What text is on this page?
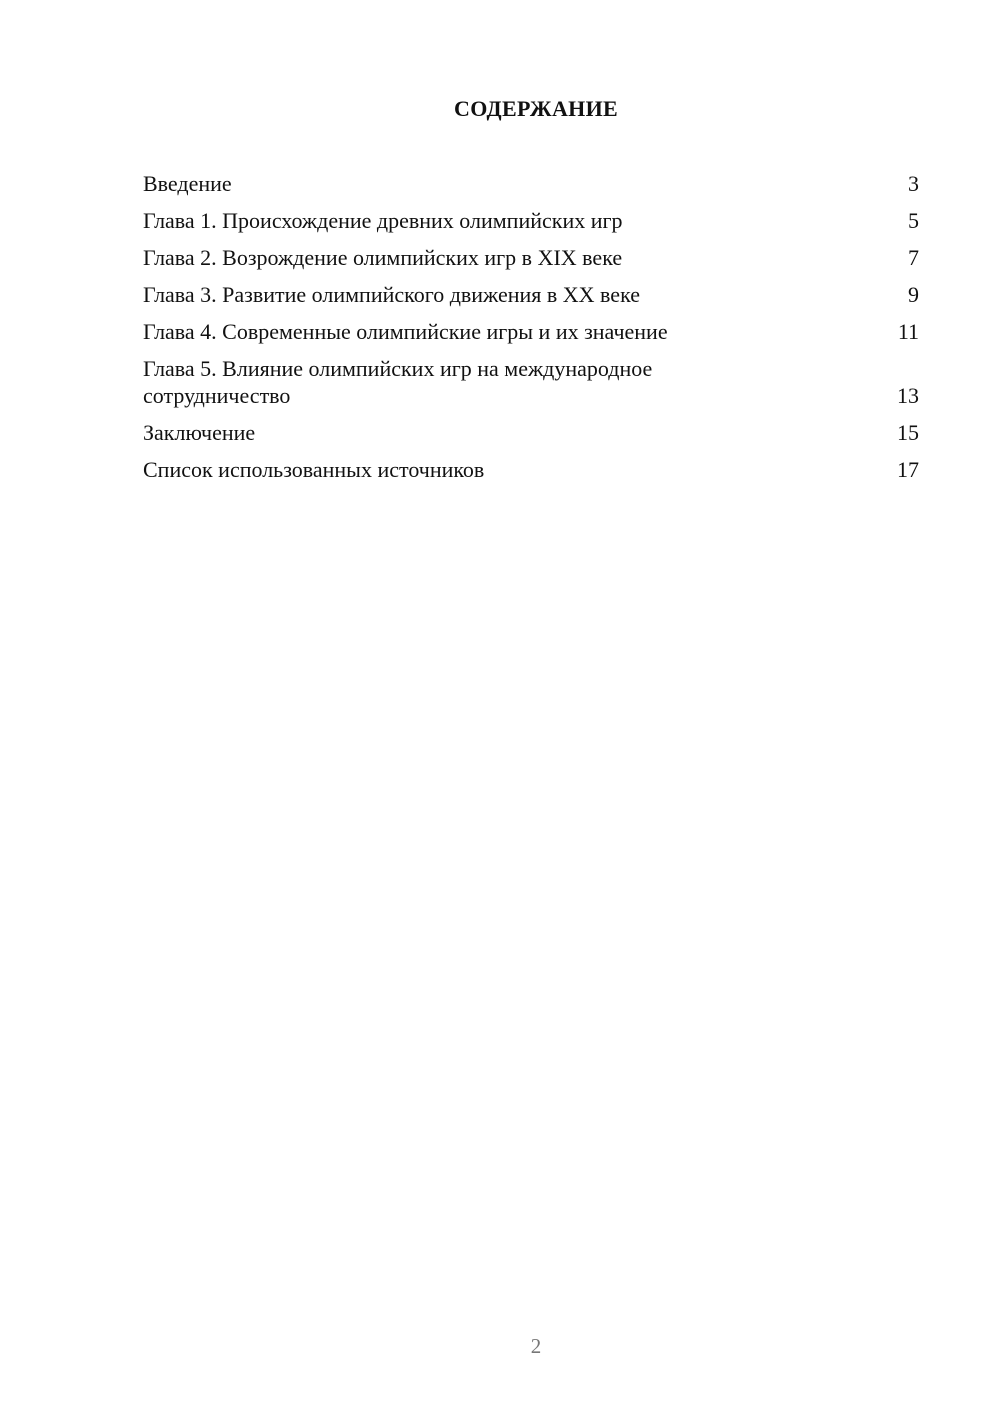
СОДЕРЖАНИЕ
Введение	3
Глава 1. Происхождение древних олимпийских игр	5
Глава 2. Возрождение олимпийских игр в XIX веке	7
Глава 3. Развитие олимпийского движения в XX веке	9
Глава 4. Современные олимпийские игры и их значение	11
Глава 5. Влияние олимпийских игр на международное сотрудничество	13
Заключение	15
Список использованных источников	17
2
